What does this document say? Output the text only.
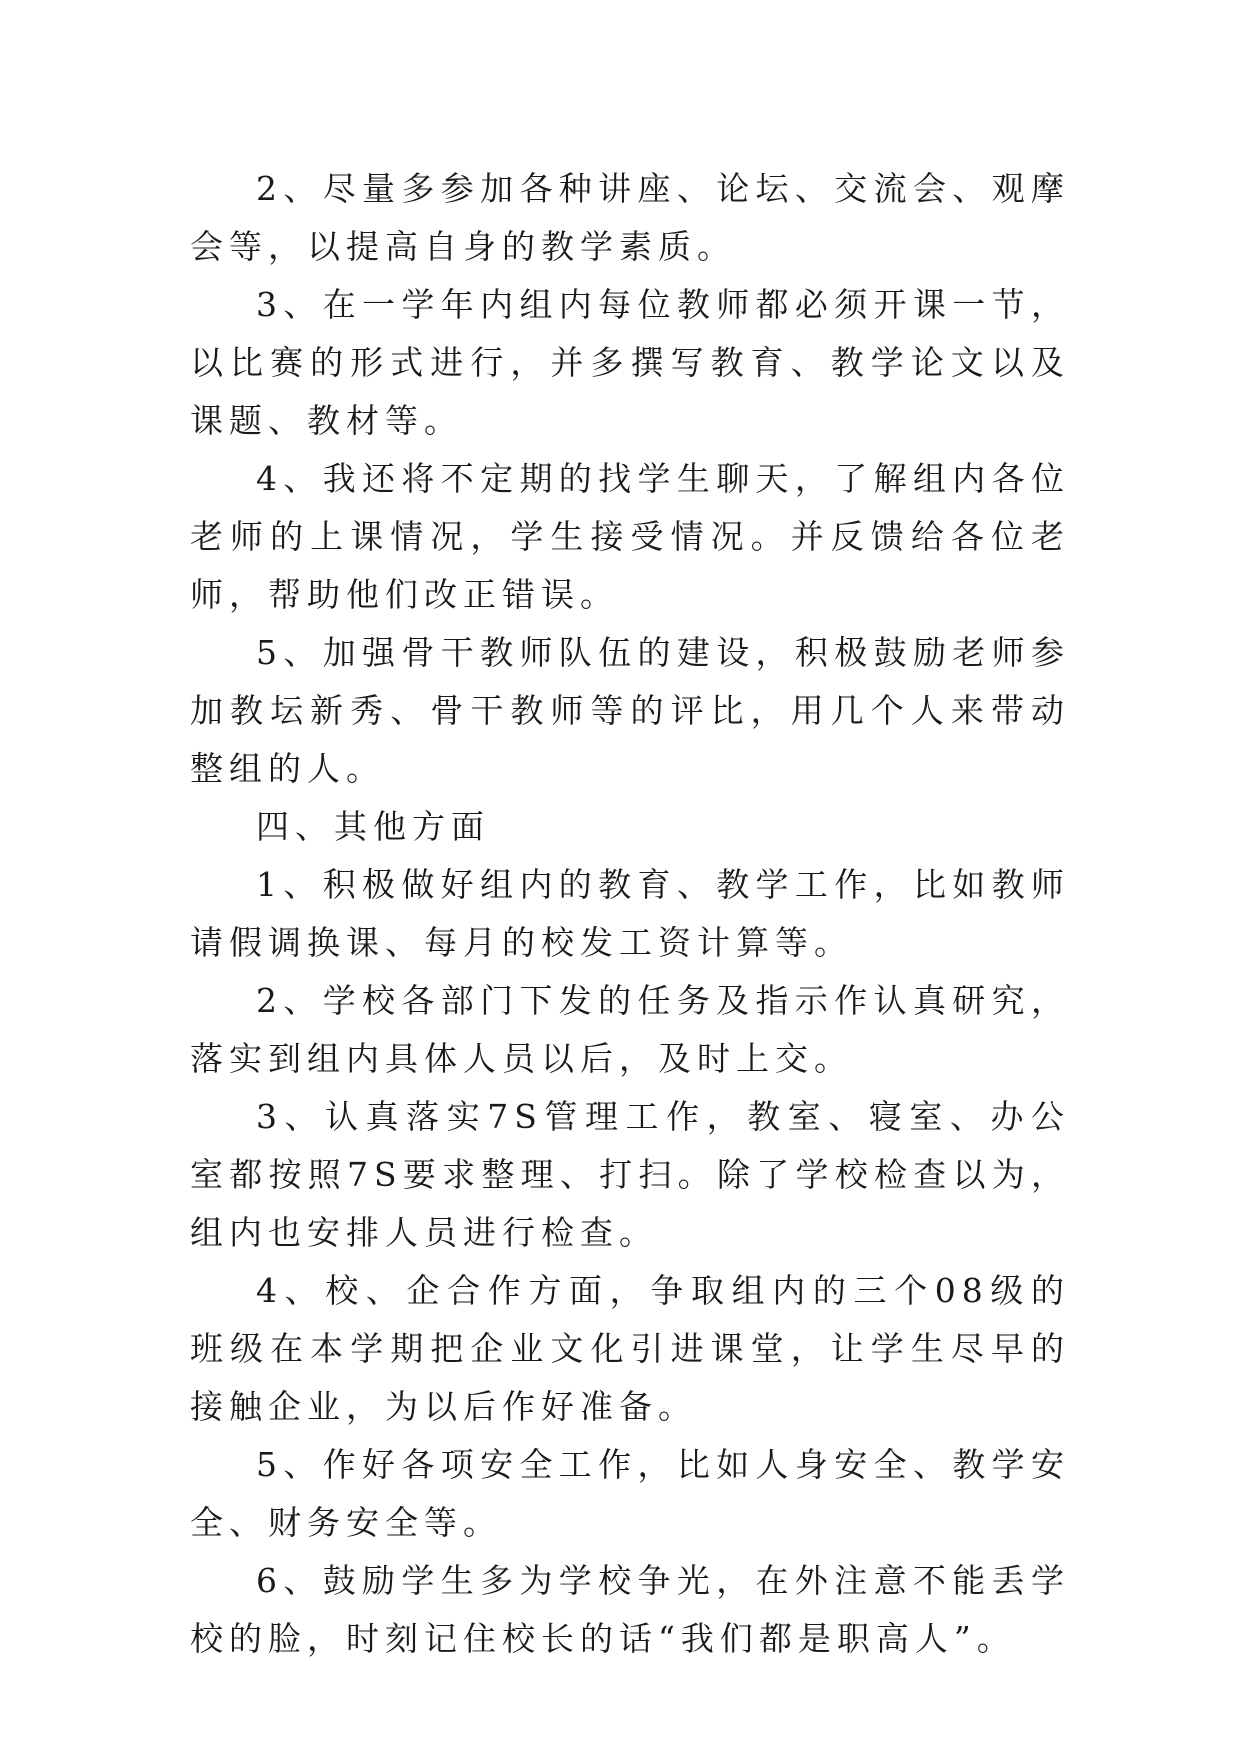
2、尽量多参加各种讲座、论坛、交流会、观摩会等，以提高自身的教学素质。

3、在一学年内组内每位教师都必须开课一节，以比赛的形式进行，并多撰写教育、教学论文以及课题、教材等。

4、我还将不定期的找学生聊天，了解组内各位老师的上课情况，学生接受情况。并反馈给各位老师，帮助他们改正错误。

5、加强骨干教师队伍的建设，积极鼓励老师参加教坛新秀、骨干教师等的评比，用几个人来带动整组的人。

四、其他方面

1、积极做好组内的教育、教学工作，比如教师请假调换课、每月的校发工资计算等。

2、学校各部门下发的任务及指示作认真研究，落实到组内具体人员以后，及时上交。

3、认真落实7S管理工作，教室、寝室、办公室都按照7S要求整理、打扫。除了学校检查以为，组内也安排人员进行检查。

4、校、企合作方面，争取组内的三个08级的班级在本学期把企业文化引进课堂，让学生尽早的接触企业，为以后作好准备。

5、作好各项安全工作，比如人身安全、教学安全、财务安全等。

6、鼓励学生多为学校争光，在外注意不能丢学校的脸，时刻记住校长的话“我们都是职高人”。
